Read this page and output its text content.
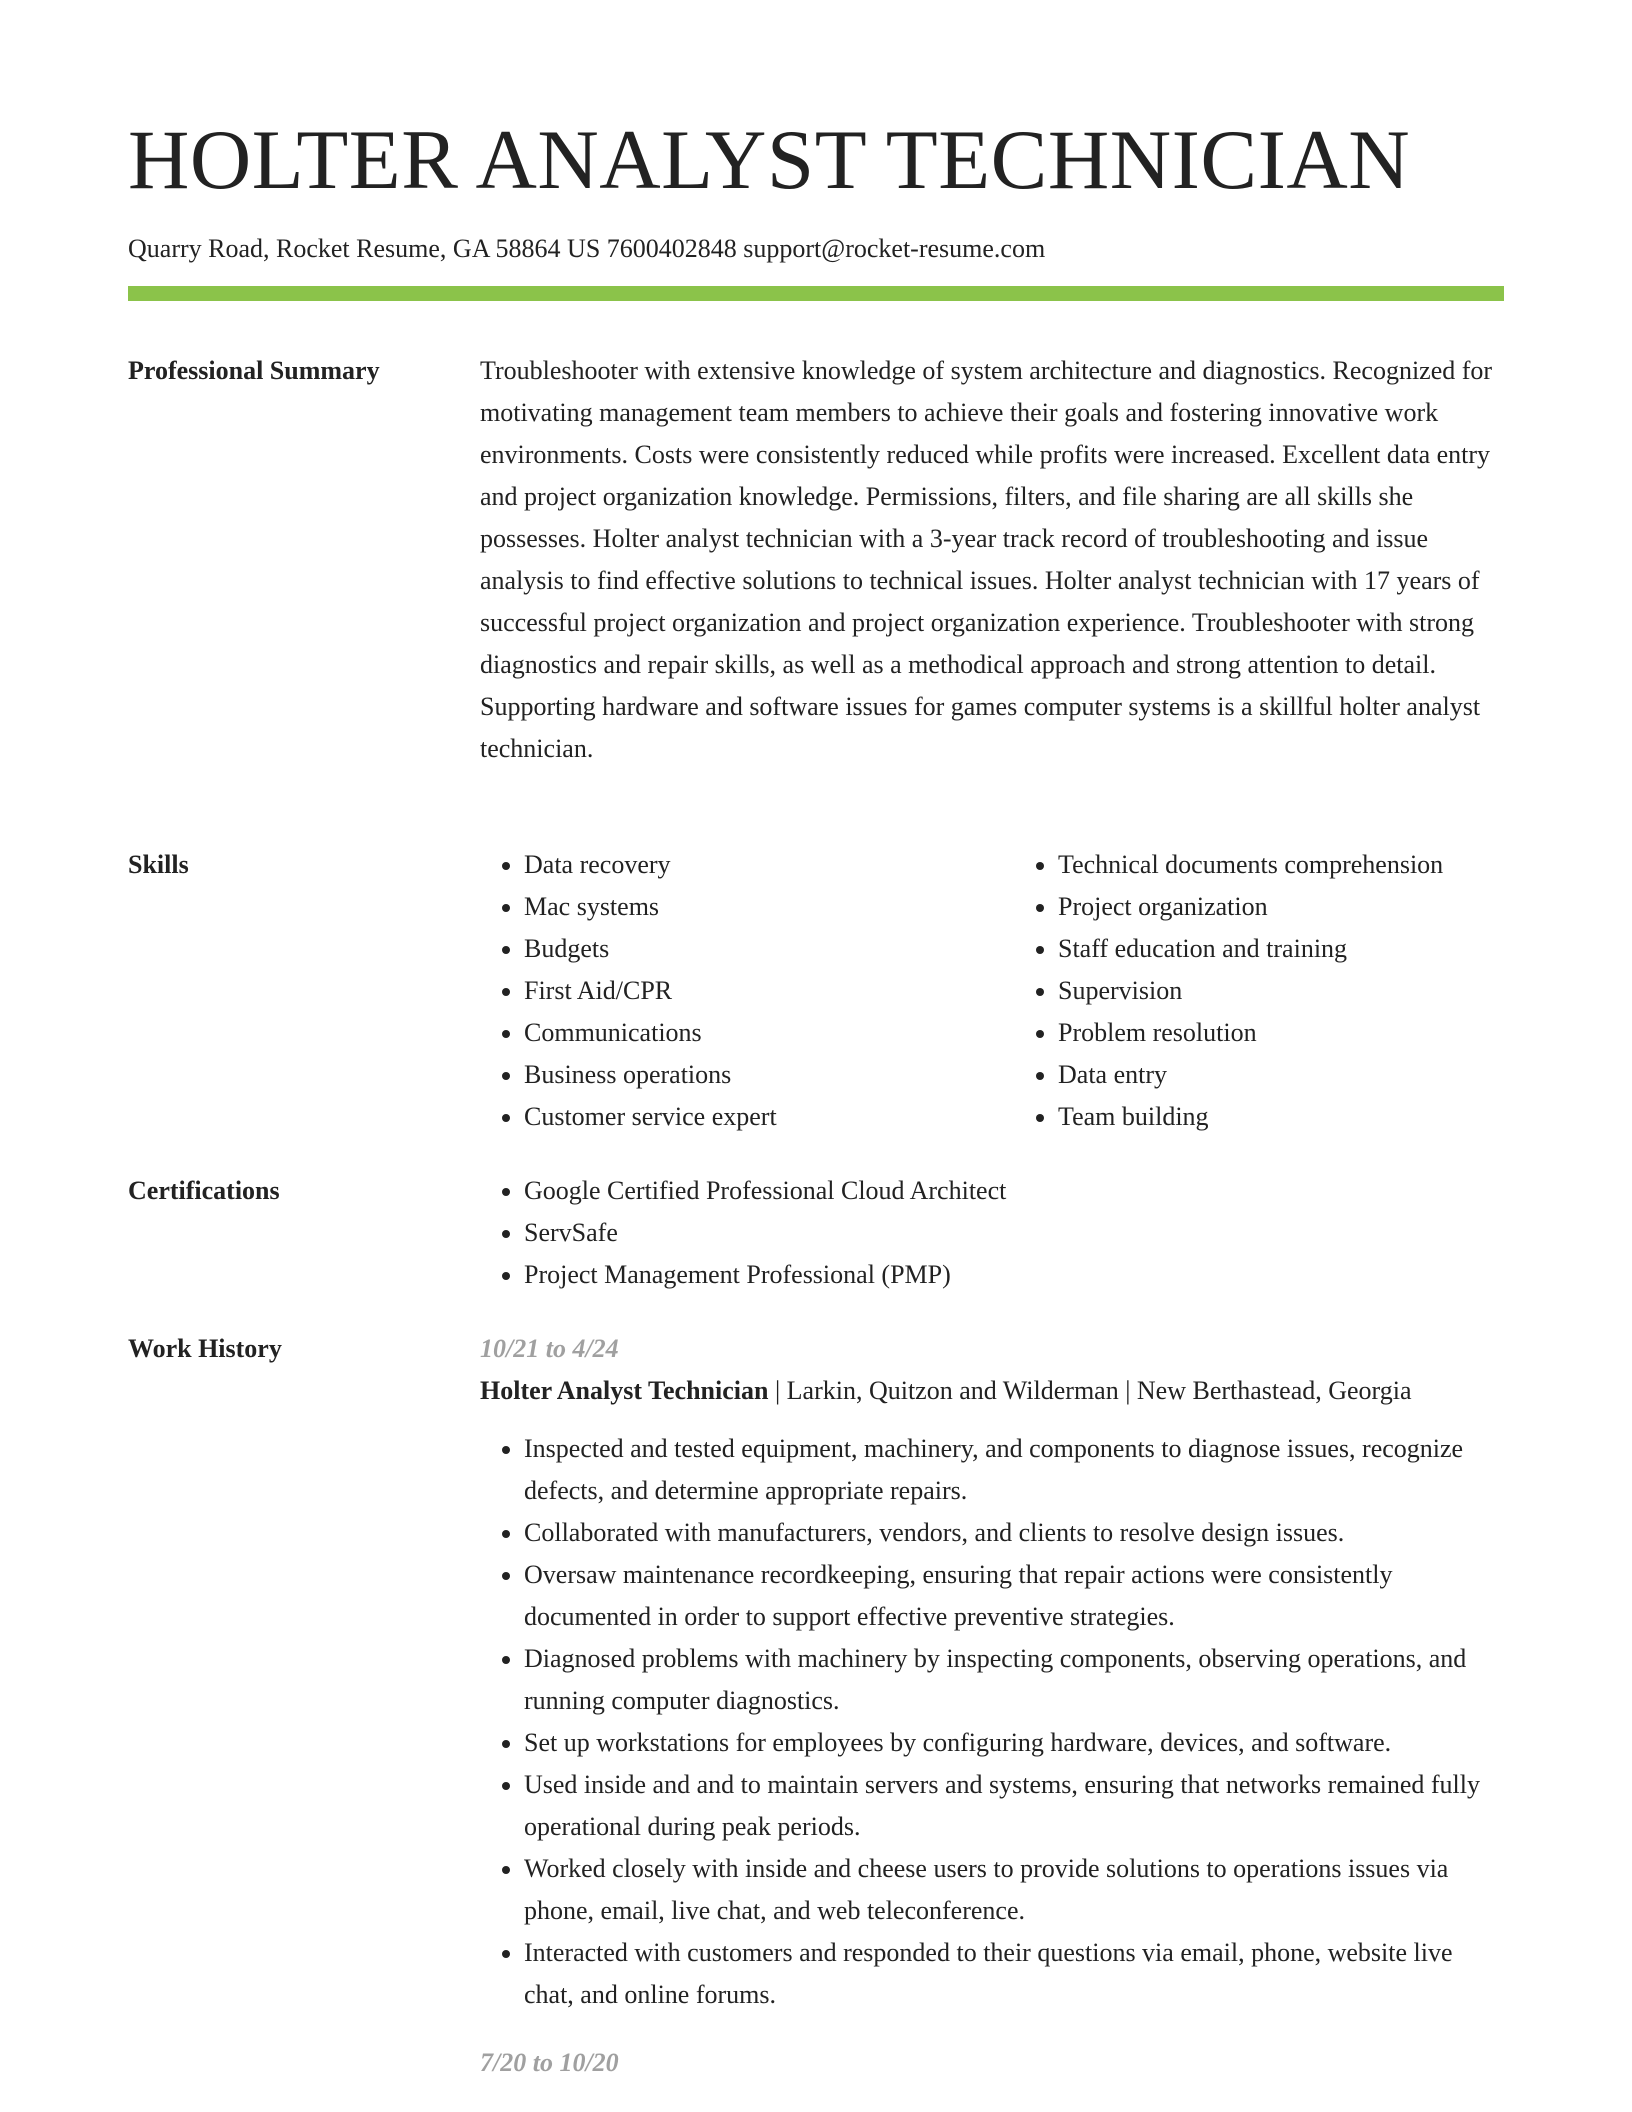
HOLTER ANALYST TECHNICIAN
Quarry Road, Rocket Resume, GA 58864 US 7600402848 support@rocket-resume.com
Professional Summary	Troubleshooter with extensive knowledge of system architecture and diagnostics. Recognized for motivating management team members to achieve their goals and fostering innovative work environments. Costs were consistently reduced while profits were increased. Excellent data entry and project organization knowledge. Permissions, filters, and file sharing are all skills she possesses. Holter analyst technician with a 3-year track record of troubleshooting and issue analysis to find effective solutions to technical issues. Holter analyst technician with 17 years of successful project organization and project organization experience. Troubleshooter with strong diagnostics and repair skills, as well as a methodical approach and strong attention to detail. Supporting hardware and software issues for games computer systems is a skillful holter analyst technician.

Skills	• Data recovery
• Mac systems
• Budgets
• First Aid/CPR
• Communications
• Business operations
• Customer service expert
• Technical documents comprehension
• Project organization
• Staff education and training
• Supervision
• Problem resolution
• Data entry
• Team building
Certifications	• Google Certified Professional Cloud Architect
• ServSafe
• Project Management Professional (PMP)
Work History	10/21 to 4/24

Holter Analyst Technician | Larkin, Quitzon and Wilderman | New Berthastead, Georgia

• Inspected and tested equipment, machinery, and components to diagnose issues, recognize defects, and determine appropriate repairs.
• Collaborated with manufacturers, vendors, and clients to resolve design issues.
• Oversaw maintenance recordkeeping, ensuring that repair actions were consistently documented in order to support effective preventive strategies.
• Diagnosed problems with machinery by inspecting components, observing operations, and running computer diagnostics.
• Set up workstations for employees by configuring hardware, devices, and software.
• Used inside and and to maintain servers and systems, ensuring that networks remained fully operational during peak periods.
• Worked closely with inside and cheese users to provide solutions to operations issues via phone, email, live chat, and web teleconference.
• Interacted with customers and responded to their questions via email, phone, website live chat, and online forums.

7/20 to 10/20
